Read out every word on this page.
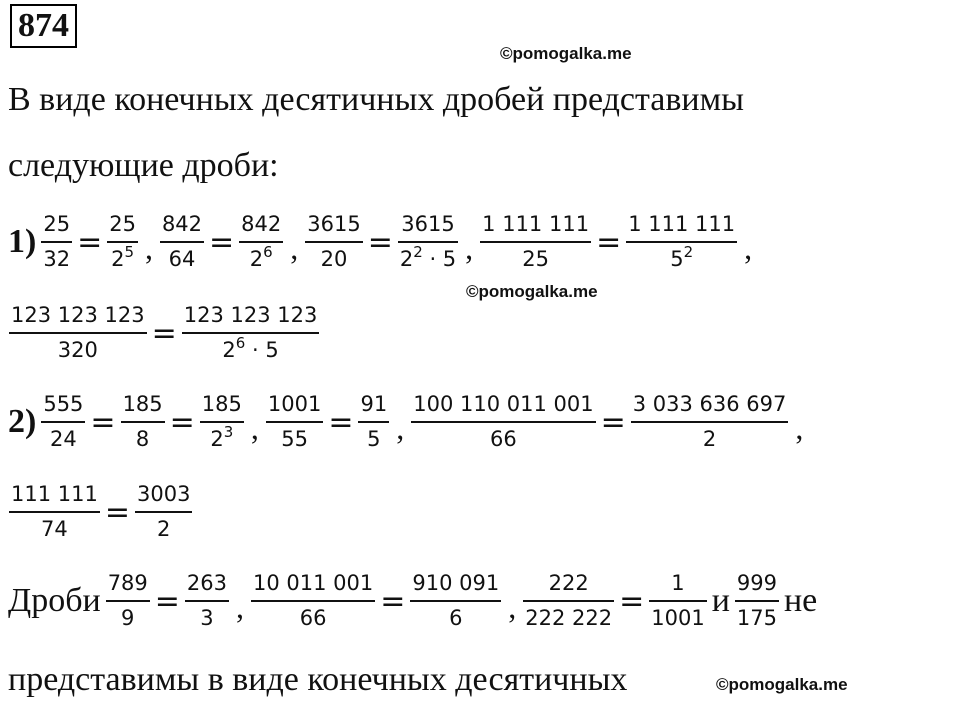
874
©pomogalka.me
В виде конечных десятичных дробей представимы
следующие дроби:
$1) \frac{25}{32} = \frac{25}{2^5}$ , $\frac{842}{64} = \frac{842}{2^6}$ , $\frac{3615}{20} = \frac{3615}{2^2 \cdot 5}$ , $\frac{1 111 111}{25} = \frac{1 111 111}{5^2}$ ,
©pomogalka.me
$\frac{123 123 123}{320} = \frac{123 123 123}{2^6 \cdot 5}$
$2) \frac{555}{24} = \frac{185}{8} = \frac{185}{2^3}$ , $\frac{1001}{55} = \frac{91}{5}$ , $\frac{100 110 011 001}{66} = \frac{3 033 636 697}{2}$ ,
$\frac{111 111}{74} = \frac{3003}{2}$
Дроби $\frac{789}{9} = \frac{263}{3}$ , $\frac{10 011 001}{66} = \frac{910 091}{6}$ , $\frac{222}{222 222} = \frac{1}{1001}$ и $\frac{999}{175}$ не
представимы в виде конечных десятичных	©pomogalka.me
